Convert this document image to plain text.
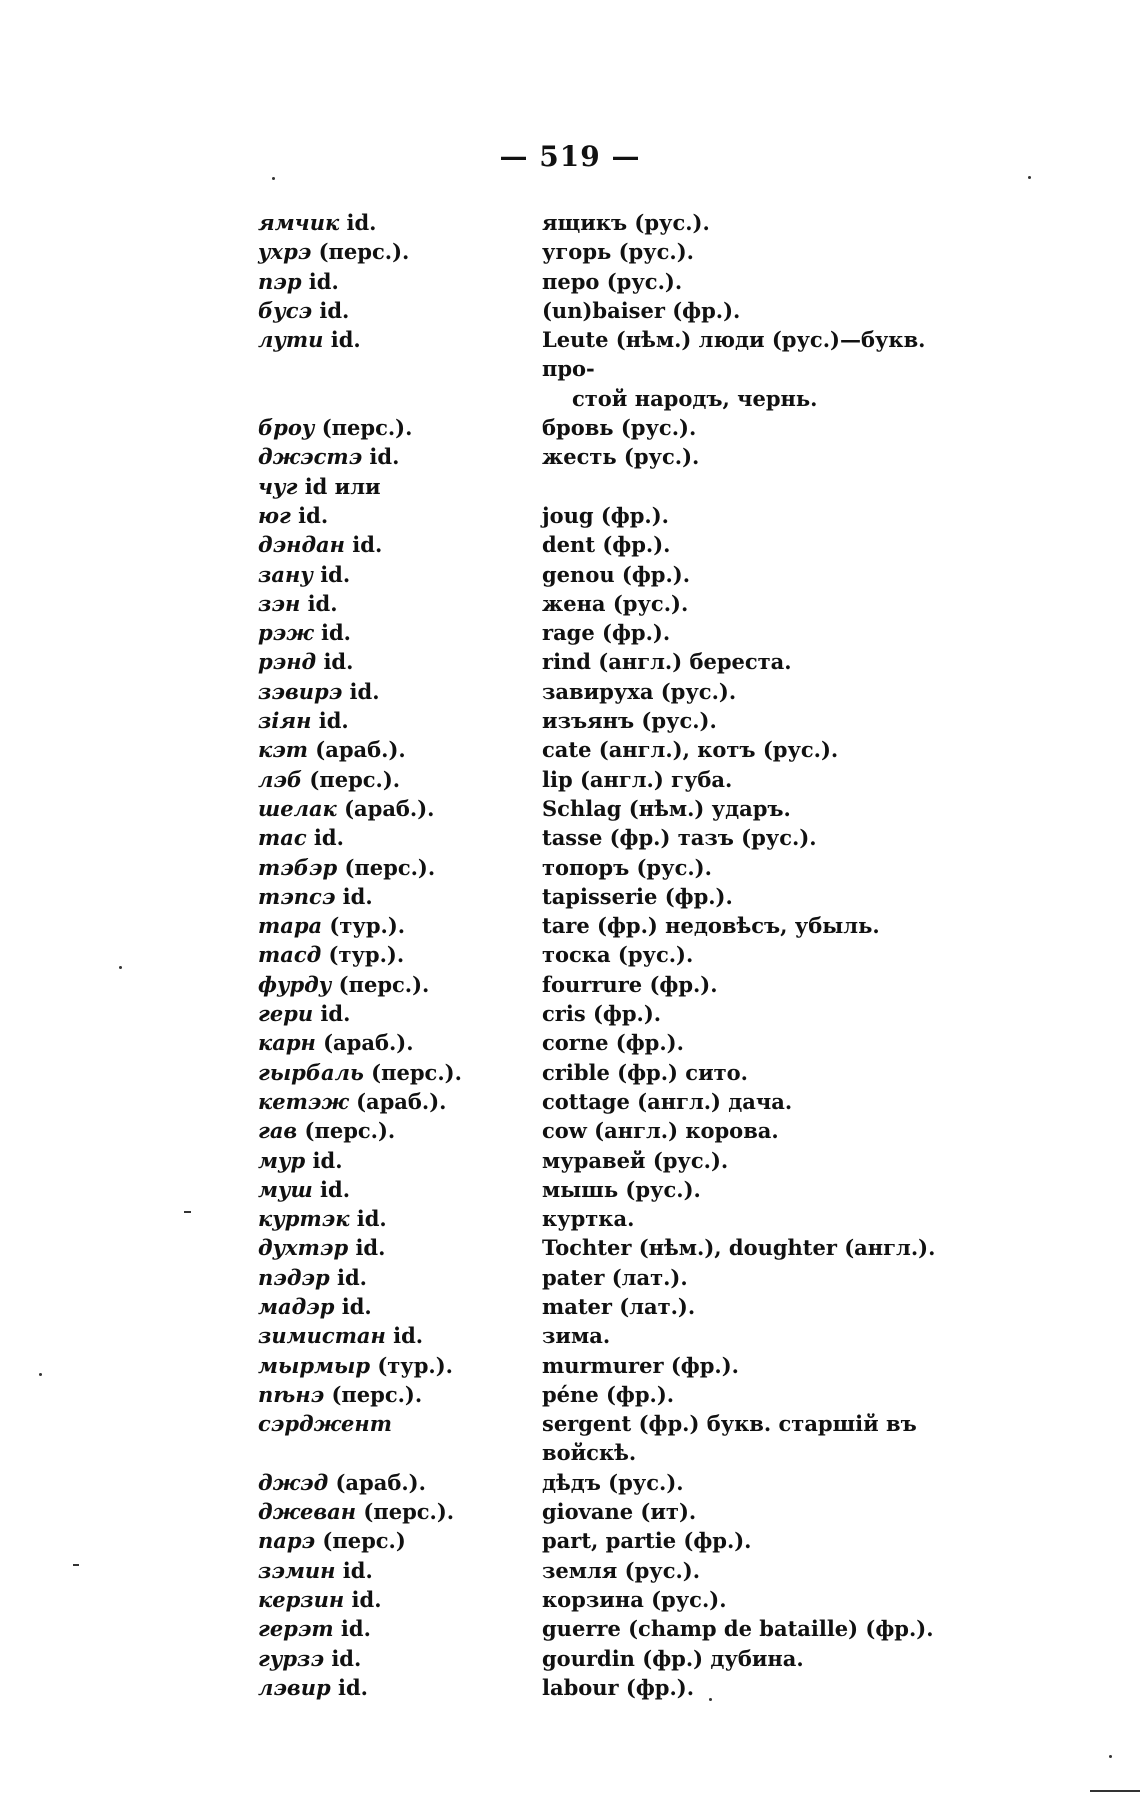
— 519 —
ямчик id.	ящикъ (рус.).
ухрэ (перс.).	угорь (рус.).
пэр id.	перо (рус.).
бусэ id.	(un)baiser (фр.).
лути id.	Leute (нѣм.) люди (рус.)—букв. про-
стой народъ, чернь.
броу (перс.).	бровь (рус.).
джэстэ id.	жесть (рус.).
чуг id или
юг id.	joug (фр.).
дэндан id.	dent (фр.).
зану id.	genou (фр.).
зэн id.	жена (рус.).
рэж id.	rage (фр.).
рэнд id.	rind (англ.) береста.
зэвирэ id.	завируха (рус.).
зіян id.	изъянъ (рус.).
кэт (араб.).	cate (англ.), котъ (рус.).
лэб (перс.).	lip (англ.) губа.
шелак (араб.).	Schlag (нѣм.) ударъ.
тас id.	tasse (фр.) тазъ (рус.).
тэбэр (перс.).	топоръ (рус.).
тэпсэ id.	tapisserie (фр.).
тара (тур.).	tare (фр.) недовѣсъ, убыль.
тасд (тур.).	тоска (рус.).
фурду (перс.).	fourrure (фр.).
гери id.	cris (фр.).
карн (араб.).	corne (фр.).
гырбаль (перс.).	crible (фр.) сито.
кетэж (араб.).	cottage (англ.) дача.
гав (перс.).	cow (англ.) корова.
мур id.	муравей (рус.).
муш id.	мышь (рус.).
куртэк id.	куртка.
духтэр id.	Tochter (нѣм.), doughter (англ.).
пэдэр id.	pater (лат.).
мадэр id.	mater (лат.).
зимистан id.	зима.
мырмыр (тур.).	murmurer (фр.).
пѣнэ (перс.).	péne (фр.).
сэрджент	sergent (фр.) букв. старшій въ войскѣ.
джэд (араб.).	дѣдъ (рус.).
джеван (перс.).	giovane (ит).
парэ (перс.)	part, partie (фр.).
зэмин id.	земля (рус.).
керзин id.	корзина (рус.).
герэт id.	guerre (champ de bataille) (фр.).
гурзэ id.	gourdin (фр.) дубина.
лэвир id.	labour (фр.).
